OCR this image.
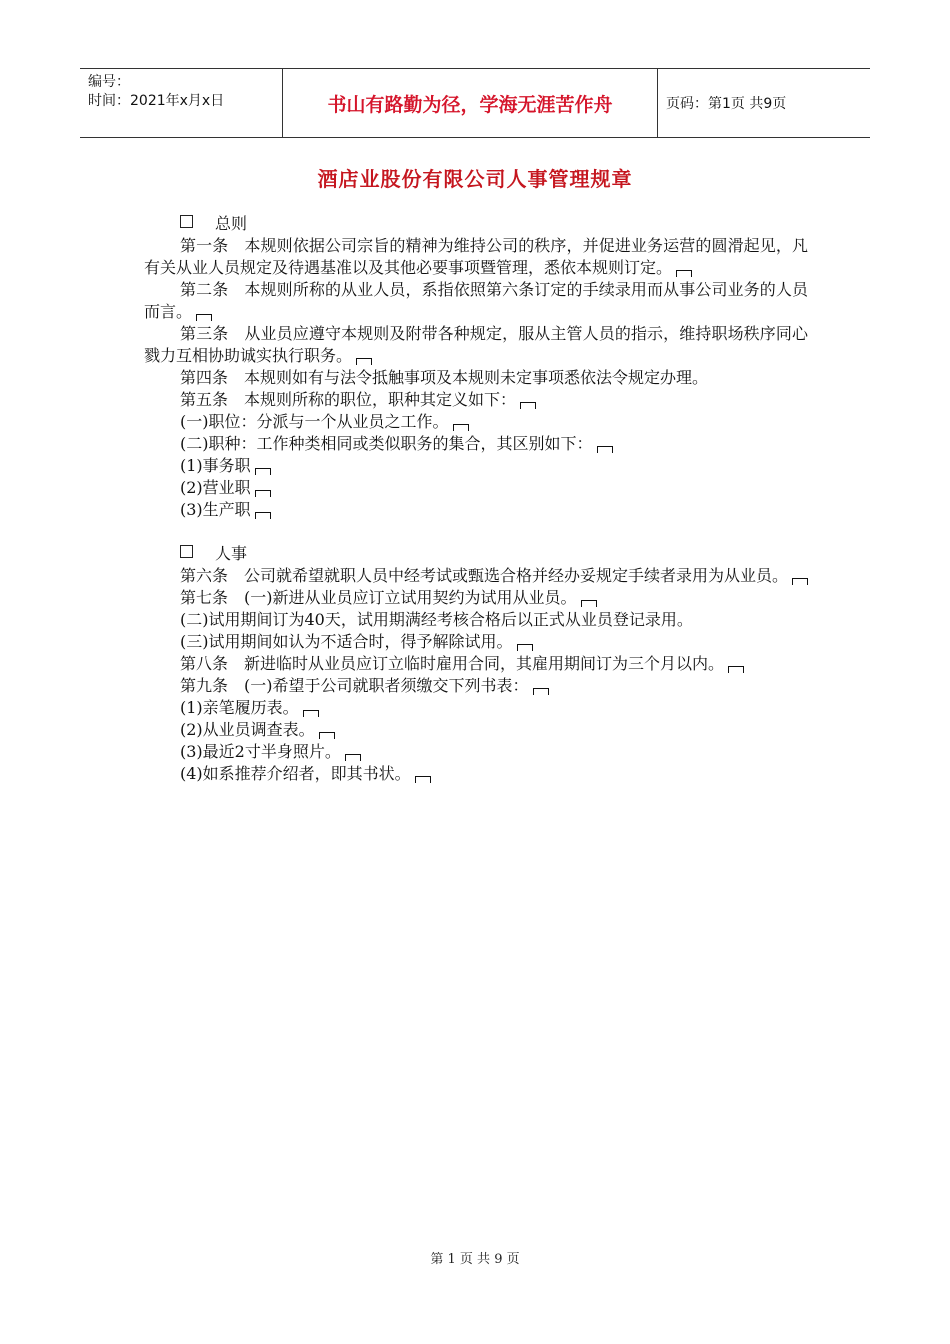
编号：
时间：2021年x月x日	书山有路勤为径，学海无涯苦作舟	页码：第1页 共9页
酒店业股份有限公司人事管理规章
总则
第一条　本规则依据公司宗旨的精神为维持公司的秩序，并促进业务运营的圆滑起见，凡有关从业人员规定及待遇基准以及其他必要事项暨管理，悉依本规则订定。
第二条　本规则所称的从业人员，系指依照第六条订定的手续录用而从事公司业务的人员而言。
第三条　从业员应遵守本规则及附带各种规定，服从主管人员的指示，维持职场秩序同心戮力互相协助诚实执行职务。
第四条　本规则如有与法令抵触事项及本规则未定事项悉依法令规定办理。
第五条　本规则所称的职位，职种其定义如下：
(一)职位：分派与一个从业员之工作。
(二)职种：工作种类相同或类似职务的集合，其区别如下：
(1)事务职
(2)营业职
(3)生产职
人事
第六条　公司就希望就职人员中经考试或甄选合格并经办妥规定手续者录用为从业员。
第七条　(一)新进从业员应订立试用契约为试用从业员。
(二)试用期间订为40天，试用期满经考核合格后以正式从业员登记录用。
(三)试用期间如认为不适合时，得予解除试用。
第八条　新进临时从业员应订立临时雇用合同，其雇用期间订为三个月以内。
第九条　(一)希望于公司就职者须缴交下列书表：
(1)亲笔履历表。
(2)从业员调查表。
(3)最近2寸半身照片。
(4)如系推荐介绍者，即其书状。
第 1 页 共 9 页
